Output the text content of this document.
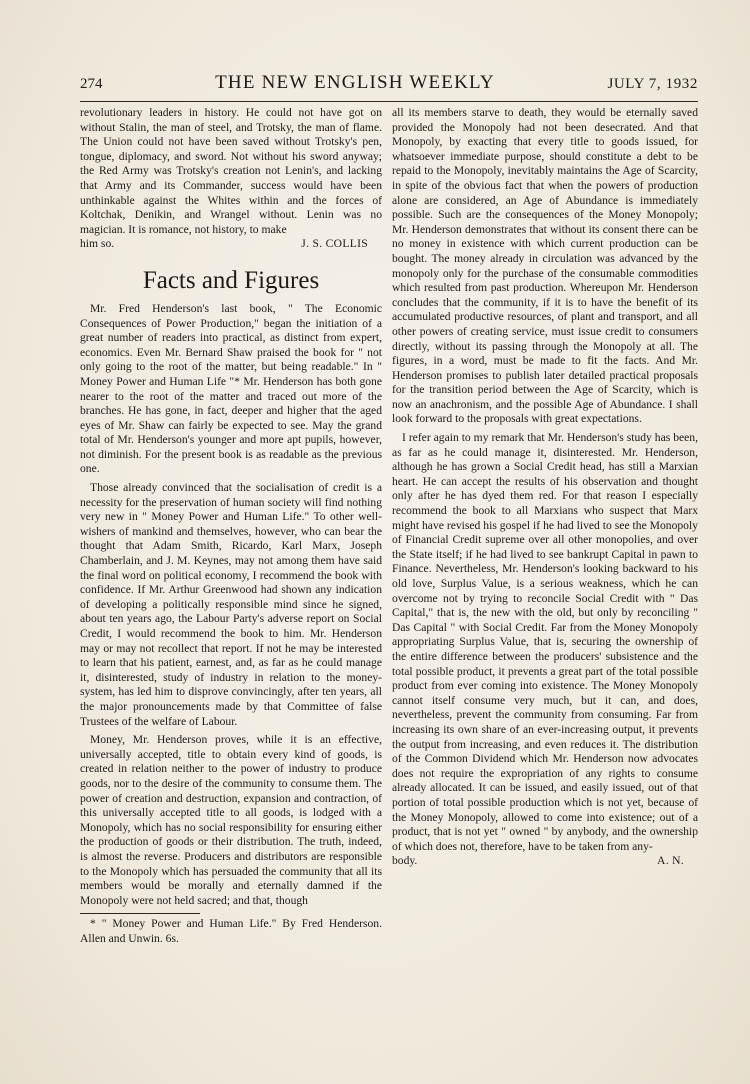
274	THE NEW ENGLISH WEEKLY	JULY 7, 1932

revolutionary leaders in history. He could not have got on without Stalin, the man of steel, and Trotsky, the man of flame. The Union could not have been saved without Trotsky's pen, tongue, diplomacy, and sword. Not without his sword anyway; the Red Army was Trotsky's creation not Lenin's, and lacking that Army and its Commander, success would have been unthinkable against the Whites within and the forces of Koltchak, Denikin, and Wrangel without. Lenin was no magician. It is romance, not history, to make

him so.	J. S. COLLIS
Facts and Figures

Mr. Fred Henderson's last book, " The Economic Consequences of Power Production," began the initiation of a great number of readers into practical, as distinct from expert, economics. Even Mr. Bernard Shaw praised the book for " not only going to the root of the matter, but being readable." In " Money Power and Human Life "* Mr. Henderson has both gone nearer to the root of the matter and traced out more of the branches. He has gone, in fact, deeper and higher that the aged eyes of Mr. Shaw can fairly be expected to see. May the grand total of Mr. Henderson's younger and more apt pupils, however, not diminish. For the present book is as readable as the previous one.

Those already convinced that the socialisation of credit is a necessity for the preservation of human society will find nothing very new in " Money Power and Human Life." To other well-wishers of mankind and themselves, however, who can bear the thought that Adam Smith, Ricardo, Karl Marx, Joseph Chamberlain, and J. M. Keynes, may not among them have said the final word on political economy, I recommend the book with confidence. If Mr. Arthur Greenwood had shown any indication of developing a politically responsible mind since he signed, about ten years ago, the Labour Party's adverse report on Social Credit, I would recommend the book to him. Mr. Henderson may or may not recollect that report. If not he may be interested to learn that his patient, earnest, and, as far as he could manage it, disinterested, study of industry in relation to the money-system, has led him to disprove convincingly, after ten years, all the major pronouncements made by that Committee of false Trustees of the welfare of Labour.

Money, Mr. Henderson proves, while it is an effective, universally accepted, title to obtain every kind of goods, is created in relation neither to the power of industry to produce goods, nor to the desire of the community to consume them. The power of creation and destruction, expansion and contraction, of this universally accepted title to all goods, is lodged with a Monopoly, which has no social responsibility for ensuring either the production of goods or their distribution. The truth, indeed, is almost the reverse. Producers and distributors are responsible to the Monopoly which has persuaded the community that all its members would be morally and eternally damned if the Monopoly were not held sacred; and that, though

* " Money Power and Human Life." By Fred Henderson. Allen and Unwin. 6s.

all its members starve to death, they would be eternally saved provided the Monopoly had not been desecrated. And that Monopoly, by exacting that every title to goods issued, for whatsoever immediate purpose, should constitute a debt to be repaid to the Monopoly, inevitably maintains the Age of Scarcity, in spite of the obvious fact that when the powers of production alone are considered, an Age of Abundance is immediately possible. Such are the consequences of the Money Monopoly; Mr. Henderson demonstrates that without its consent there can be no money in existence with which current production can be bought. The money already in circulation was advanced by the monopoly only for the purchase of the consumable commodities which resulted from past production. Whereupon Mr. Henderson concludes that the community, if it is to have the benefit of its accumulated productive resources, of plant and transport, and all other powers of creating service, must issue credit to consumers directly, without its passing through the Monopoly at all. The figures, in a word, must be made to fit the facts. And Mr. Henderson promises to publish later detailed practical proposals for the transition period between the Age of Scarcity, which is now an anachronism, and the possible Age of Abundance. I shall look forward to the proposals with great expectations.

I refer again to my remark that Mr. Henderson's study has been, as far as he could manage it, disinterested. Mr. Henderson, although he has grown a Social Credit head, has still a Marxian heart. He can accept the results of his observation and thought only after he has dyed them red. For that reason I especially recommend the book to all Marxians who suspect that Marx might have revised his gospel if he had lived to see the Monopoly of Financial Credit supreme over all other monopolies, and over the State itself; if he had lived to see bankrupt Capital in pawn to Finance. Nevertheless, Mr. Henderson's looking backward to his old love, Surplus Value, is a serious weakness, which he can overcome not by trying to reconcile Social Credit with " Das Capital," that is, the new with the old, but only by reconciling " Das Capital " with Social Credit. Far from the Money Monopoly appropriating Surplus Value, that is, securing the ownership of the entire difference between the producers' subsistence and the total possible product, it prevents a great part of the total possible product from ever coming into existence. The Money Monopoly cannot itself consume very much, but it can, and does, nevertheless, prevent the community from consuming. Far from increasing its own share of an ever-increasing output, it prevents the output from increasing, and even reduces it. The distribution of the Common Dividend which Mr. Henderson now advocates does not require the expropriation of any rights to consume already allocated. It can be issued, and easily issued, out of that portion of total possible production which is not yet, because of the Money Monopoly, allowed to come into existence; out of a product, that is not yet " owned " by anybody, and the ownership of which does not, therefore, have to be taken from any-

body.	A. N.
